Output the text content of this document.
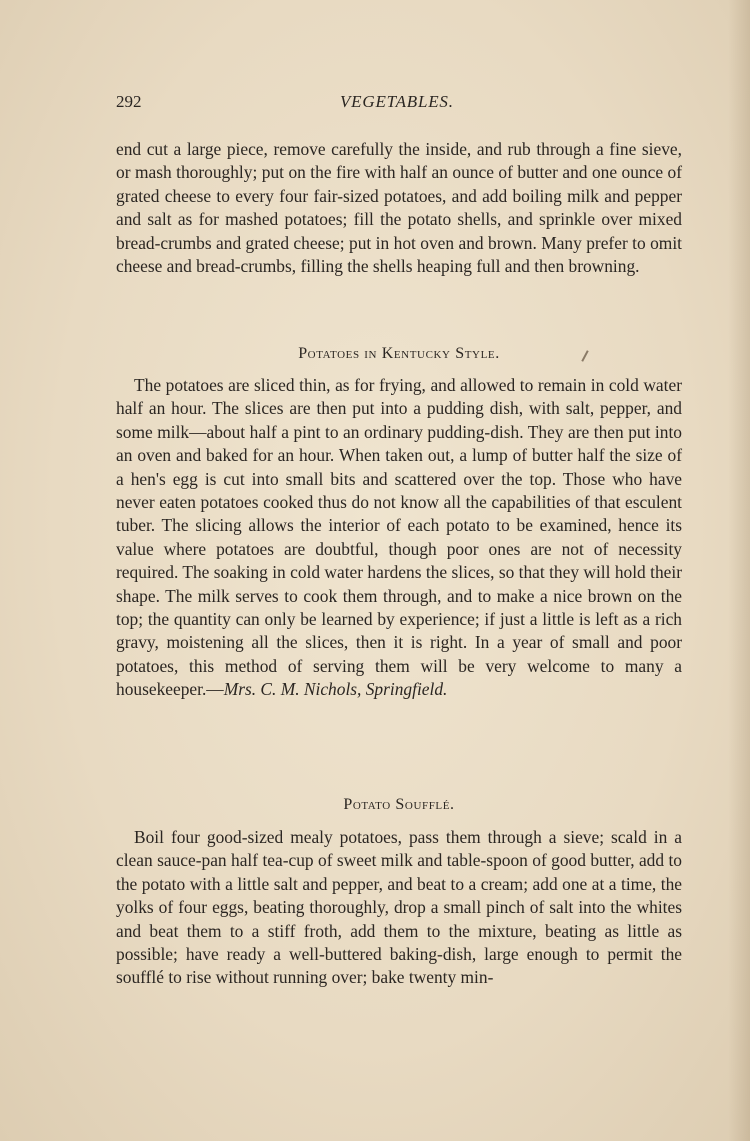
292	VEGETABLES.

end cut a large piece, remove carefully the inside, and rub through a fine sieve, or mash thoroughly; put on the fire with half an ounce of butter and one ounce of grated cheese to every four fair-sized potatoes, and add boiling milk and pepper and salt as for mashed potatoes; fill the potato shells, and sprinkle over mixed bread-crumbs and grated cheese; put in hot oven and brown. Many prefer to omit cheese and bread-crumbs, filling the shells heaping full and then browning.

Potatoes in Kentucky Style.

The potatoes are sliced thin, as for frying, and allowed to remain in cold water half an hour. The slices are then put into a pudding dish, with salt, pepper, and some milk—about half a pint to an ordinary pudding-dish. They are then put into an oven and baked for an hour. When taken out, a lump of butter half the size of a hen's egg is cut into small bits and scattered over the top. Those who have never eaten potatoes cooked thus do not know all the capabilities of that esculent tuber. The slicing allows the interior of each potato to be examined, hence its value where potatoes are doubtful, though poor ones are not of necessity required. The soaking in cold water hardens the slices, so that they will hold their shape. The milk serves to cook them through, and to make a nice brown on the top; the quantity can only be learned by experience; if just a little is left as a rich gravy, moistening all the slices, then it is right. In a year of small and poor potatoes, this method of serving them will be very welcome to many a housekeeper.—Mrs. C. M. Nichols, Springfield.

Potato Soufflé.

Boil four good-sized mealy potatoes, pass them through a sieve; scald in a clean sauce-pan half tea-cup of sweet milk and table-spoon of good butter, add to the potato with a little salt and pepper, and beat to a cream; add one at a time, the yolks of four eggs, beating thoroughly, drop a small pinch of salt into the whites and beat them to a stiff froth, add them to the mixture, beating as little as possible; have ready a well-buttered baking-dish, large enough to permit the soufflé to rise without running over; bake twenty min-
